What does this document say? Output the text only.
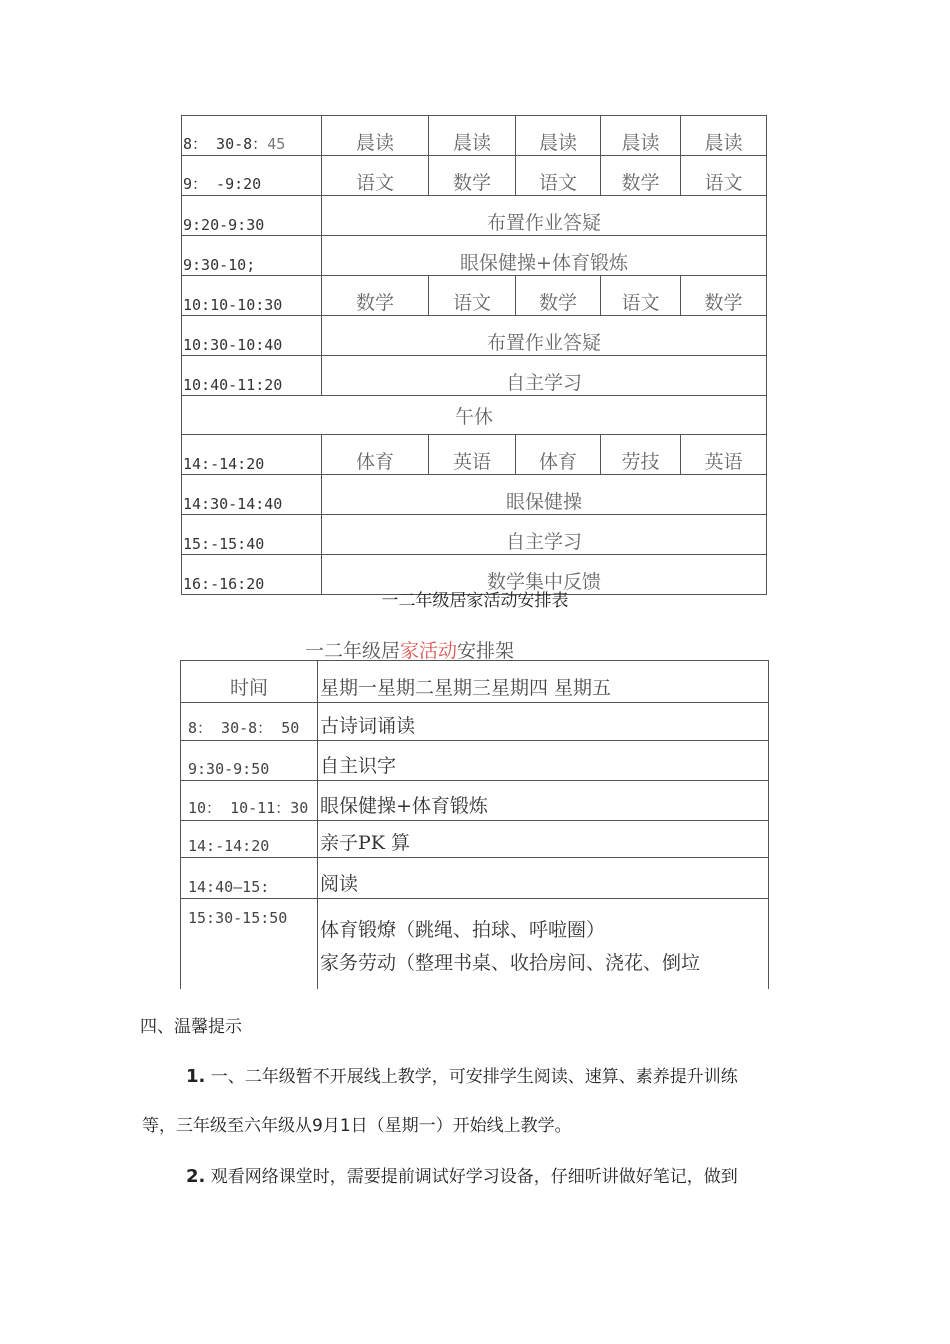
8： 30-8：45	晨读	晨读	晨读	晨读	晨读
9： -9:20	语文	数学	语文	数学	语文
9:20-9:30	布置作业答疑				
9:30-10;	眼保健操+体育锻炼				
10:10-10:30	数学	语文	数学	语文	数学
10:30-10:40	布置作业答疑				
10:40-11:20	自主学习				
午休					
14:-14:20	体育	英语	体育	劳技	英语
14:30-14:40	眼保健操				
15:-15:40	自主学习				
16:-16:20	数学集中反馈				
一二年级居家活动安排表
一二年级居家活动安排架
时间	星期一星期二星期三星期四 星期五
8： 30-8： 50	古诗词诵读
9:30-9:50	自主识字
10： 10-11：30	眼保健操+体育锻炼
14:-14:20	亲子PK 算
14:40—15:	阅读
15:30-15:50	体育锻燎（跳绳、拍球、呼啦圈）
家务劳动（整理书桌、收拾房间、浇花、倒垃
四、温馨提示
1. 一、二年级暂不开展线上教学，可安排学生阅读、速算、素养提升训练
等，三年级至六年级从9月1日（星期一）开始线上教学。
2. 观看网络课堂时，需要提前调试好学习设备，仔细听讲做好笔记，做到
